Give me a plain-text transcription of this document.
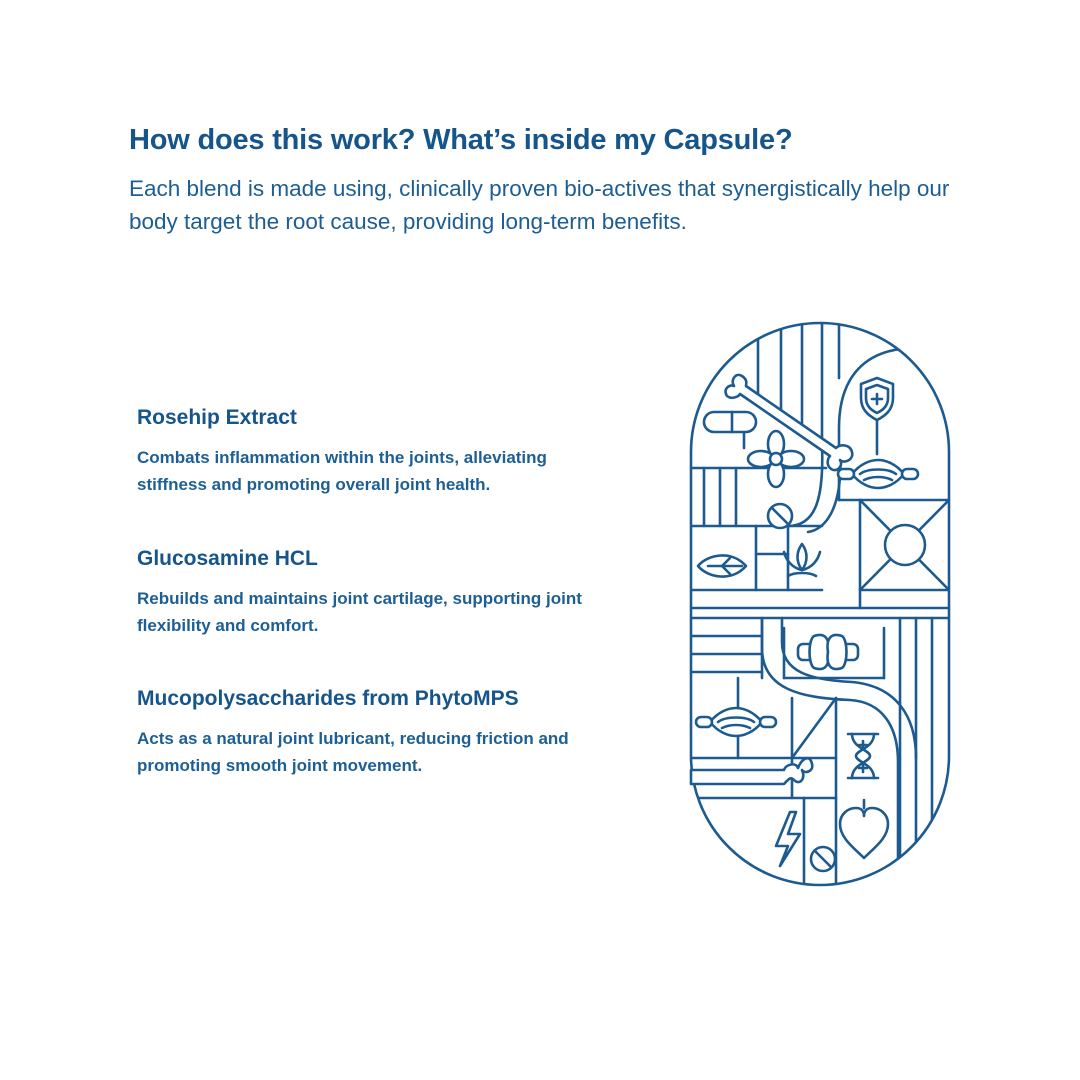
How does this work? What’s inside my Capsule?

Each blend is made using, clinically proven bio-actives that synergistically help our body target the root cause, providing long-term benefits.

Rosehip Extract

Combats inflammation within the joints, alleviating stiffness and promoting overall joint health.

Glucosamine HCL

Rebuilds and maintains joint cartilage, supporting joint flexibility and comfort.

Mucopolysaccharides from PhytoMPS

Acts as a natural joint lubricant, reducing friction and promoting smooth joint movement.
